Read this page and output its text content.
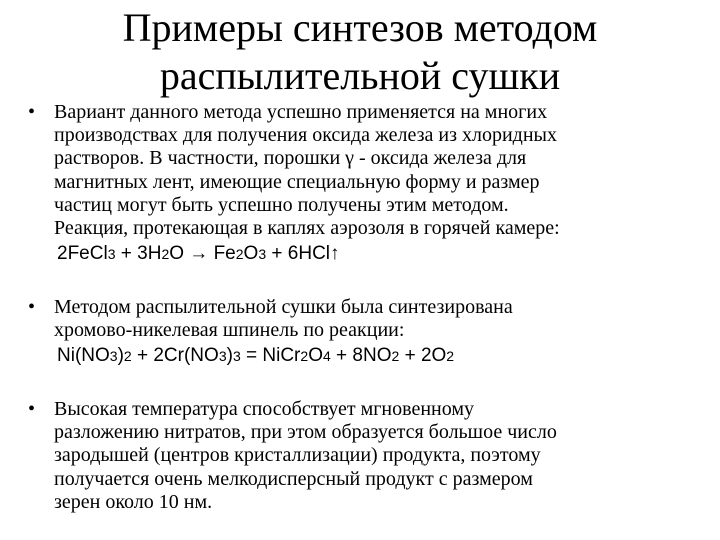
Примеры синтезов методом
распылительной сушки
• Вариант данного метода успешно применяется на многих
производствах для получения оксида железа из хлоридных
растворов. В частности, порошки γ - оксида железа для
магнитных лент, имеющие специальную форму и размер
частиц могут быть успешно получены этим методом.
Реакция, протекающая в каплях аэрозоля в горячей камере:
2FeCl3 + 3H2O → Fe2O3 + 6HCl↑
• Методом распылительной сушки была синтезирована
хромово-никелевая шпинель по реакции:
Ni(NO3)2 + 2Cr(NO3)3 = NiCr2O4 + 8NO2 + 2O2
• Высокая температура способствует мгновенному
разложению нитратов, при этом образуется большое число
зародышей (центров кристаллизации) продукта, поэтому
получается очень мелкодисперсный продукт с размером
зерен около 10 нм.
